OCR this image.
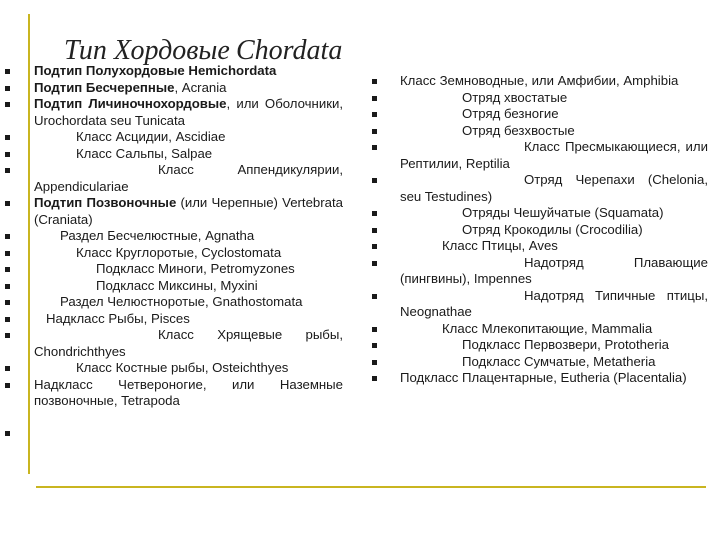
Тип Хордовые Chordata
Подтип Полухордовые Hemichordata
Подтип Бесчерепные, Acrania
Подтип Личиночнохордовые, или Оболочники, Urochordata seu Tunicata
Класс Асцидии, Ascidiae
Класс Сальпы, Salpae
Класс Аппендикулярии, Appendiculariae
Подтип Позвоночные (или Черепные) Vertebrata (Craniata)
Раздел Бесчелюстные, Agnatha
Класс Круглоротые, Cyclostomata
Подкласс Миноги, Petromyzones
Подкласс Миксины, Myxini
Раздел Челюстноротые, Gnathostomata
Надкласс Рыбы, Pisces
Класс Хрящевые рыбы, Chondrichthyes
Класс Костные рыбы, Osteichthyes
Надкласс Четвероногие, или Наземные позвоночные, Tetrapoda
Класс Земноводные, или Амфибии, Amphibia
Отряд хвостатые
Отряд безногие
Отряд безхвостые
Класс Пресмыкающиеся, или Рептилии, Reptilia
Отряд Черепахи (Chelonia, seu Testudines)
Отряды Чешуйчатые (Squamata)
Отряд Крокодилы (Crocodilia)
Класс Птицы, Aves
Надотряд Плавающие (пингвины), Impennes
Надотряд Типичные птицы, Neognathae
Класс Млекопитающие, Mammalia
Подкласс Первозвери, Prototheria
Подкласс Сумчатые, Metatheria
Подкласс Плацентарные, Eutheria (Placentalia)
